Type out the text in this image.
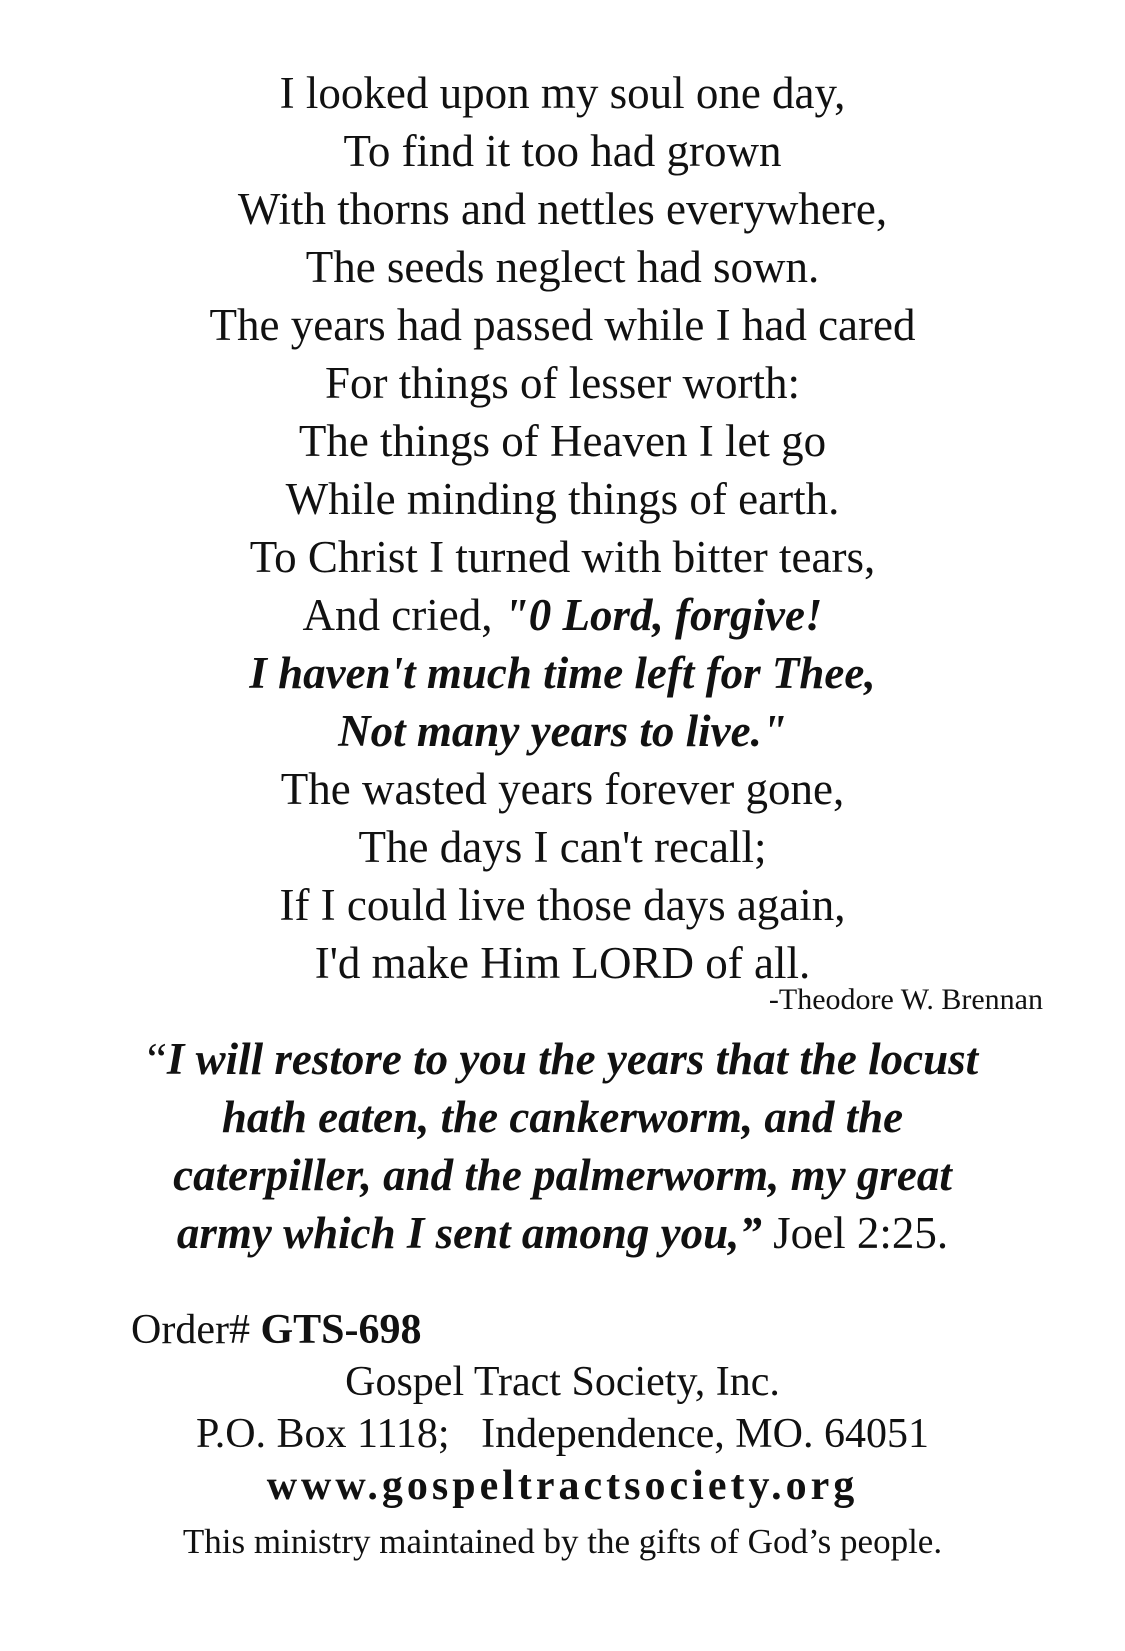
I looked upon my soul one day,
To find it too had grown
With thorns and nettles everywhere,
The seeds neglect had sown.
The years had passed while I had cared
For things of lesser worth:
The things of Heaven I let go
While minding things of earth.
To Christ I turned with bitter tears,
And cried, "0 Lord, forgive!
I haven't much time left for Thee,
Not many years to live."
The wasted years forever gone,
The days I can't recall;
If I could live those days again,
I'd make Him LORD of all.
-Theodore W. Brennan
“I will restore to you the years that the locust
hath eaten, the cankerworm, and the
caterpiller, and the palmerworm, my great
army which I sent among you,” Joel 2:25.
Order# GTS-698
Gospel Tract Society, Inc.
P.O. Box 1118;   Independence, MO. 64051
www.gospeltractsociety.org
This ministry maintained by the gifts of God’s people.
